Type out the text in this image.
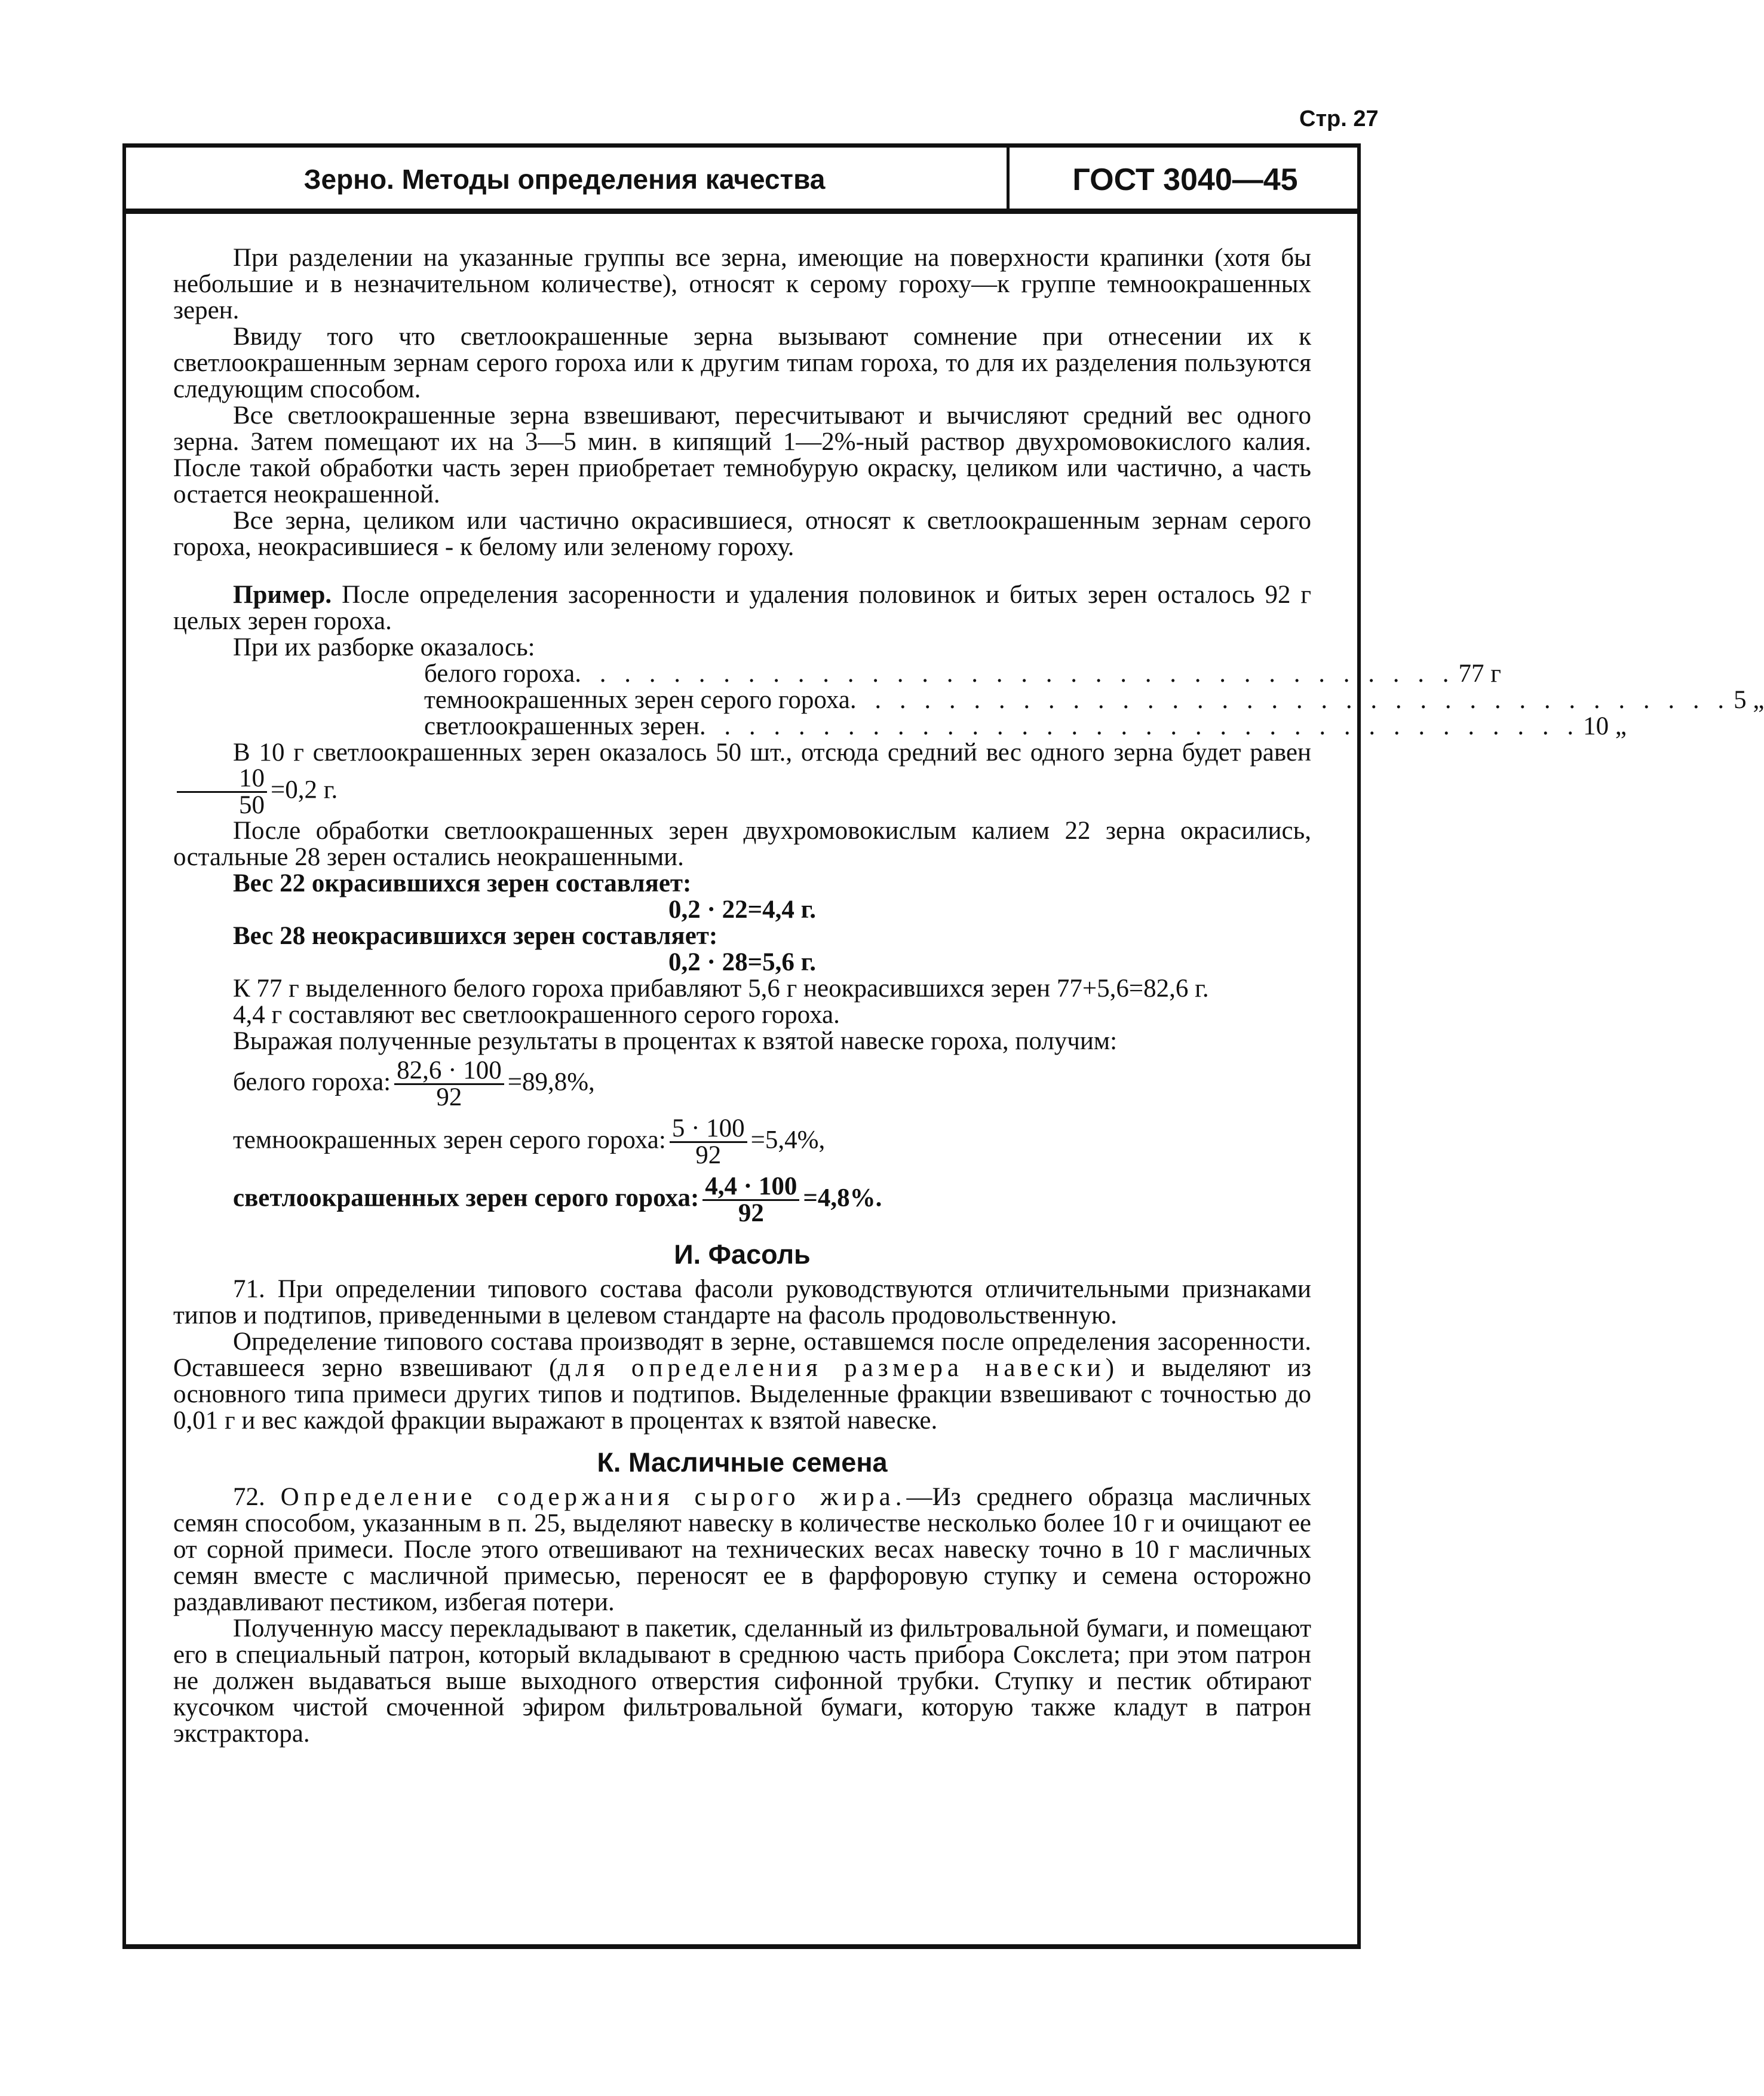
Стр. 27
Зерно. Методы определения качества	ГОСТ 3040—45

При разделении на указанные группы все зерна, имеющие на поверхности крапинки (хотя бы небольшие и в незначительном количестве), относят к серому гороху—к группе темноокрашенных зерен.

Ввиду того что светлоокрашенные зерна вызывают сомнение при отнесении их к светлоокрашенным зернам серого гороха или к другим типам гороха, то для их разделения пользуются следующим способом.

Все светлоокрашенные зерна взвешивают, пересчитывают и вычисляют средний вес одного зерна. Затем помещают их на 3—5 мин. в кипящий 1—2%-ный раствор двухромовокислого калия. После такой обработки часть зерен приобретает темнобурую окраску, целиком или частично, а часть остается неокрашенной.

Все зерна, целиком или частично окрасившиеся, относят к светлоокрашенным зернам серого гороха, неокрасившиеся - к белому или зеленому гороху.

Пример. После определения засоренности и удаления половинок и битых зерен осталось 92 г целых зерен гороха.

При их разборке оказалось:

белого гороха . . . . . . . . . . . . . . . . . . . . . . . . . . . . . . . . . . . . 77 г
темноокрашенных зерен серого гороха . . . . . . . . . . . . . . . . . . . . . . . . . . . . . . . . . . . . 5 „
светлоокрашенных зерен . . . . . . . . . . . . . . . . . . . . . . . . . . . . . . . . . . . . 10 „

В 10 г светлоокрашенных зерен оказалось 50 шт., отсюда средний вес одного зерна будет равен
$\frac{10}{50} =0,2$ г.

После обработки светлоокрашенных зерен двухромовокислым калием 22 зерна окрасились, остальные 28 зерен остались неокрашенными.

Вес 22 окрасившихся зерен составляет:

0,2 · 22=4,4 г.

Вес 28 неокрасившихся зерен составляет:

0,2 · 28=5,6 г.

К 77 г выделенного белого гороха прибавляют 5,6 г неокрасившихся зерен 77+5,6=82,6 г.

4,4 г составляют вес светлоокрашенного серого гороха.

Выражая полученные результаты в процентах к взятой навеске гороха, получим:

белого гороха: $\frac{82,6 \cdot 100}{92} =89,8\%$,

темноокрашенных зерен серого гороха: $\frac{5 \cdot 100}{92} =5,4\%$,

светлоокрашенных зерен серого гороха: $\frac{4,4 \cdot 100}{92} =4,8\%$.

И. Фасоль

71. При определении типового состава фасоли руководствуются отличительными признаками типов и подтипов, приведенными в целевом стандарте на фасоль продовольственную.

Определение типового состава производят в зерне, оставшемся после определения засоренности. Оставшееся зерно взвешивают (для определения размера навески) и выделяют из основного типа примеси других типов и подтипов. Выделенные фракции взвешивают с точностью до 0,01 г и вес каждой фракции выражают в процентах к взятой навеске.

К. Масличные семена

72. Определение содержания сырого жира.—Из среднего образца масличных семян способом, указанным в п. 25, выделяют навеску в количестве несколько более 10 г и очищают ее от сорной примеси. После этого отвешивают на технических весах навеску точно в 10 г масличных семян вместе с масличной примесью, переносят ее в фарфоровую ступку и семена осторожно раздавливают пестиком, избегая потери.

Полученную массу перекладывают в пакетик, сделанный из фильтровальной бумаги, и помещают его в специальный патрон, который вкладывают в среднюю часть прибора Сокслета; при этом патрон не должен выдаваться выше выходного отверстия сифонной трубки. Ступку и пестик обтирают кусочком чистой смоченной эфиром фильтровальной бумаги, которую также кладут в патрон экстрактора.
